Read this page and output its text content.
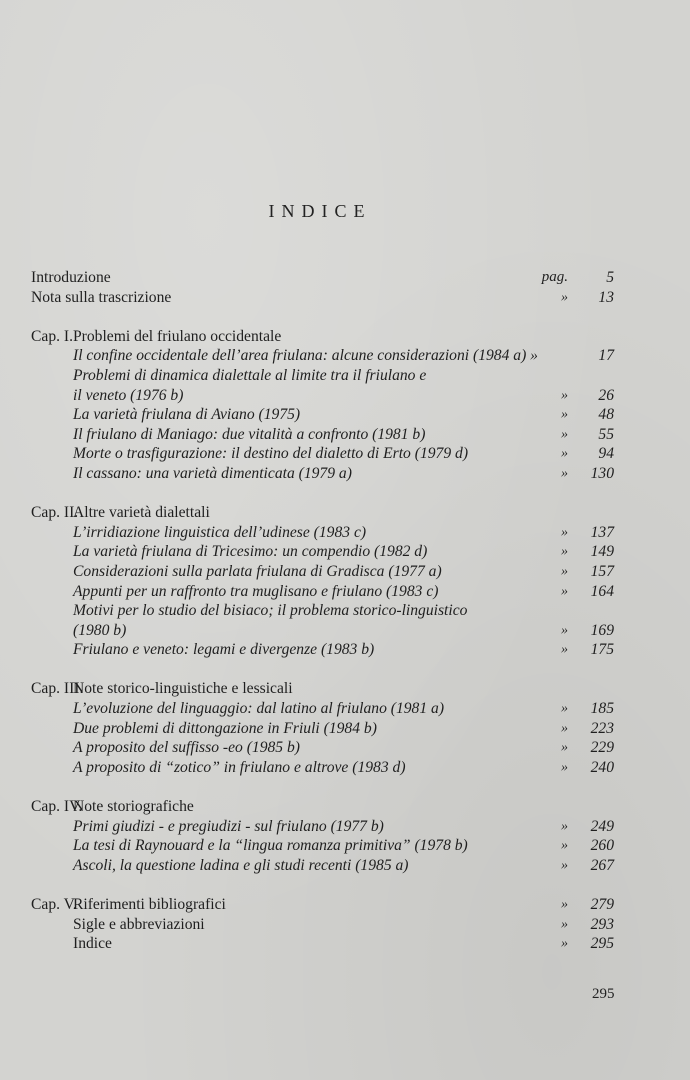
INDICE
Introduzione	pag. 5
Nota sulla trascrizione	» 13
Cap. I. Problemi del friulano occidentale
Il confine occidentale dell’area friulana: alcune considerazioni (1984 a) »	17
Problemi di dinamica dialettale al limite tra il friulano e
il veneto (1976 b)	» 26
La varietà friulana di Aviano (1975)	» 48
Il friulano di Maniago: due vitalità a confronto (1981 b)	» 55
Morte o trasfigurazione: il destino del dialetto di Erto (1979 d)	» 94
Il cassano: una varietà dimenticata (1979 a)	» 130
Cap. II.
Altre varietà dialettali
L’irridiazione linguistica dell’udinese (1983 c)	» 137
La varietà friulana di Tricesimo: un compendio (1982 d)	» 149
Considerazioni sulla parlata friulana di Gradisca (1977 a)	» 157
Appunti per un raffronto tra muglisano e friulano (1983 c)	» 164
Motivi per lo studio del bisiaco; il problema storico-linguistico
(1980 b)	» 169
Friulano e veneto: legami e divergenze (1983 b)	» 175
Cap. III.
Note storico-linguistiche e lessicali
L’evoluzione del linguaggio: dal latino al friulano (1981 a)	» 185
Due problemi di dittongazione in Friuli (1984 b)	» 223
A proposito del suffisso -eo (1985 b)	» 229
A proposito di “zotico” in friulano e altrove (1983 d)	» 240
Cap. IV.
Note storiografiche
Primi giudizi - e pregiudizi - sul friulano (1977 b)	» 249
La tesi di Raynouard e la “lingua romanza primitiva” (1978 b)	» 260
Ascoli, la questione ladina e gli studi recenti (1985 a)	» 267
Cap. V.
Riferimenti bibliografici	» 279
Sigle e abbreviazioni	» 293
Indice	» 295
295
